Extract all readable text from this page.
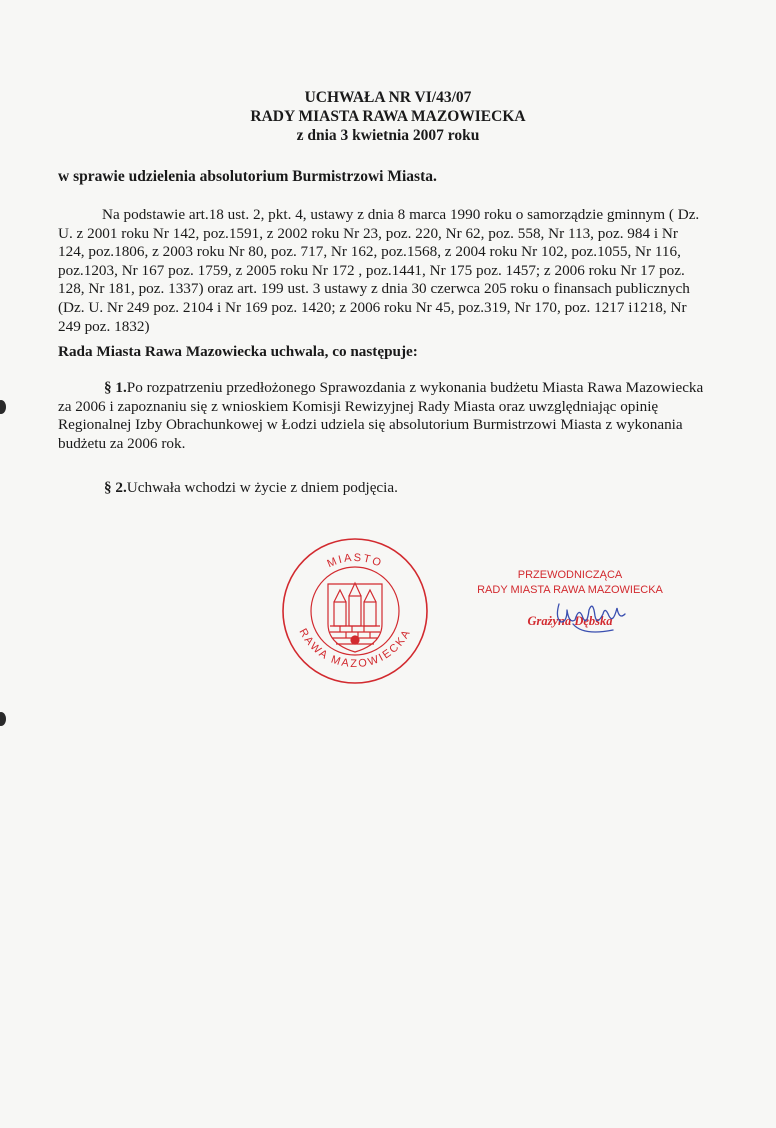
UCHWAŁA NR VI/43/07
RADY MIASTA RAWA MAZOWIECKA
z dnia 3 kwietnia 2007 roku
w sprawie udzielenia absolutorium Burmistrzowi Miasta.
Na podstawie art.18 ust. 2, pkt. 4, ustawy z dnia 8 marca 1990 roku o samorządzie gminnym ( Dz. U. z 2001 roku Nr 142, poz.1591, z 2002 roku Nr 23, poz. 220, Nr 62, poz. 558, Nr 113, poz. 984 i Nr 124, poz.1806, z 2003 roku Nr 80, poz. 717, Nr 162, poz.1568, z 2004 roku Nr 102, poz.1055, Nr 116, poz.1203, Nr 167 poz. 1759, z 2005 roku Nr 172 , poz.1441, Nr 175 poz. 1457; z 2006 roku Nr 17 poz. 128, Nr 181, poz. 1337) oraz art. 199 ust. 3 ustawy z dnia 30 czerwca 205 roku o finansach publicznych (Dz. U. Nr 249 poz. 2104 i Nr 169 poz. 1420; z 2006 roku Nr 45, poz.319, Nr 170, poz. 1217 i1218, Nr 249 poz. 1832)
Rada Miasta Rawa Mazowiecka uchwala, co następuje:
§ 1.Po rozpatrzeniu przedłożonego Sprawozdania z wykonania budżetu Miasta Rawa Mazowiecka za 2006 i zapoznaniu się z wnioskiem Komisji Rewizyjnej Rady Miasta oraz uwzględniając opinię Regionalnej Izby Obrachunkowej w Łodzi udziela się absolutorium Burmistrzowi Miasta z wykonania budżetu za 2006 rok.
§ 2.Uchwała wchodzi w życie z dniem podjęcia.
MIASTO
RAWA MAZOWIECKA
PRZEWODNICZĄCA
RADY MIASTA RAWA MAZOWIECKA
Grażyna Dębska
